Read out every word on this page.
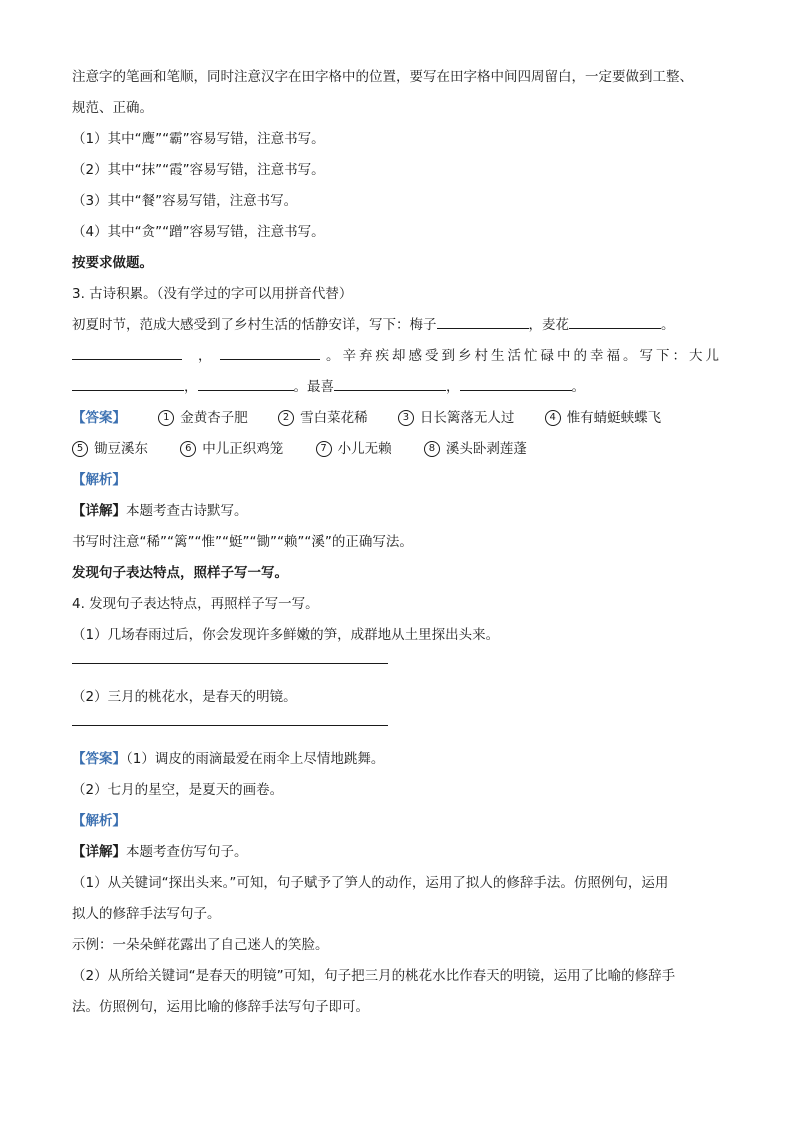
注意字的笔画和笔顺，同时注意汉字在田字格中的位置，要写在田字格中间四周留白，一定要做到工整、
规范、正确。
（1）其中“鹰”“霸”容易写错，注意书写。
（2）其中“抹”“霞”容易写错，注意书写。
（3）其中“餐”容易写错，注意书写。
（4）其中“贪”“蹭”容易写错，注意书写。
按要求做题。
3. 古诗积累。（没有学过的字可以用拼音代替）
初夏时节，范成大感受到了乡村生活的恬静安详，写下：梅子	，麦花	。
，	。辛弃疾却感受到乡村生活忙碌中的幸福。写下：大儿
，	。最喜	，	。
【答案】	1 金黄杏子肥	2 雪白菜花稀	3 日长篱落无人过	4 惟有蜻蜓蛱蝶飞
5 锄豆溪东	6 中儿正织鸡笼	7 小儿无赖	8 溪头卧剥莲蓬
【解析】
【详解】本题考查古诗默写。
书写时注意“稀”“篱”“惟”“蜓”“锄”“赖”“溪”的正确写法。
发现句子表达特点，照样子写一写。
4. 发现句子表达特点，再照样子写一写。
（1）几场春雨过后，你会发现许多鲜嫩的笋，成群地从土里探出头来。
（2）三月的桃花水，是春天的明镜。
【答案】（1）调皮的雨滴最爱在雨伞上尽情地跳舞。
（2）七月的星空，是夏天的画卷。
【解析】
【详解】本题考查仿写句子。
（1）从关键词“探出头来。”可知，句子赋予了笋人的动作，运用了拟人的修辞手法。仿照例句，运用
拟人的修辞手法写句子。
示例：一朵朵鲜花露出了自己迷人的笑脸。
（2）从所给关键词“是春天的明镜”可知，句子把三月的桃花水比作春天的明镜，运用了比喻的修辞手
法。仿照例句，运用比喻的修辞手法写句子即可。
